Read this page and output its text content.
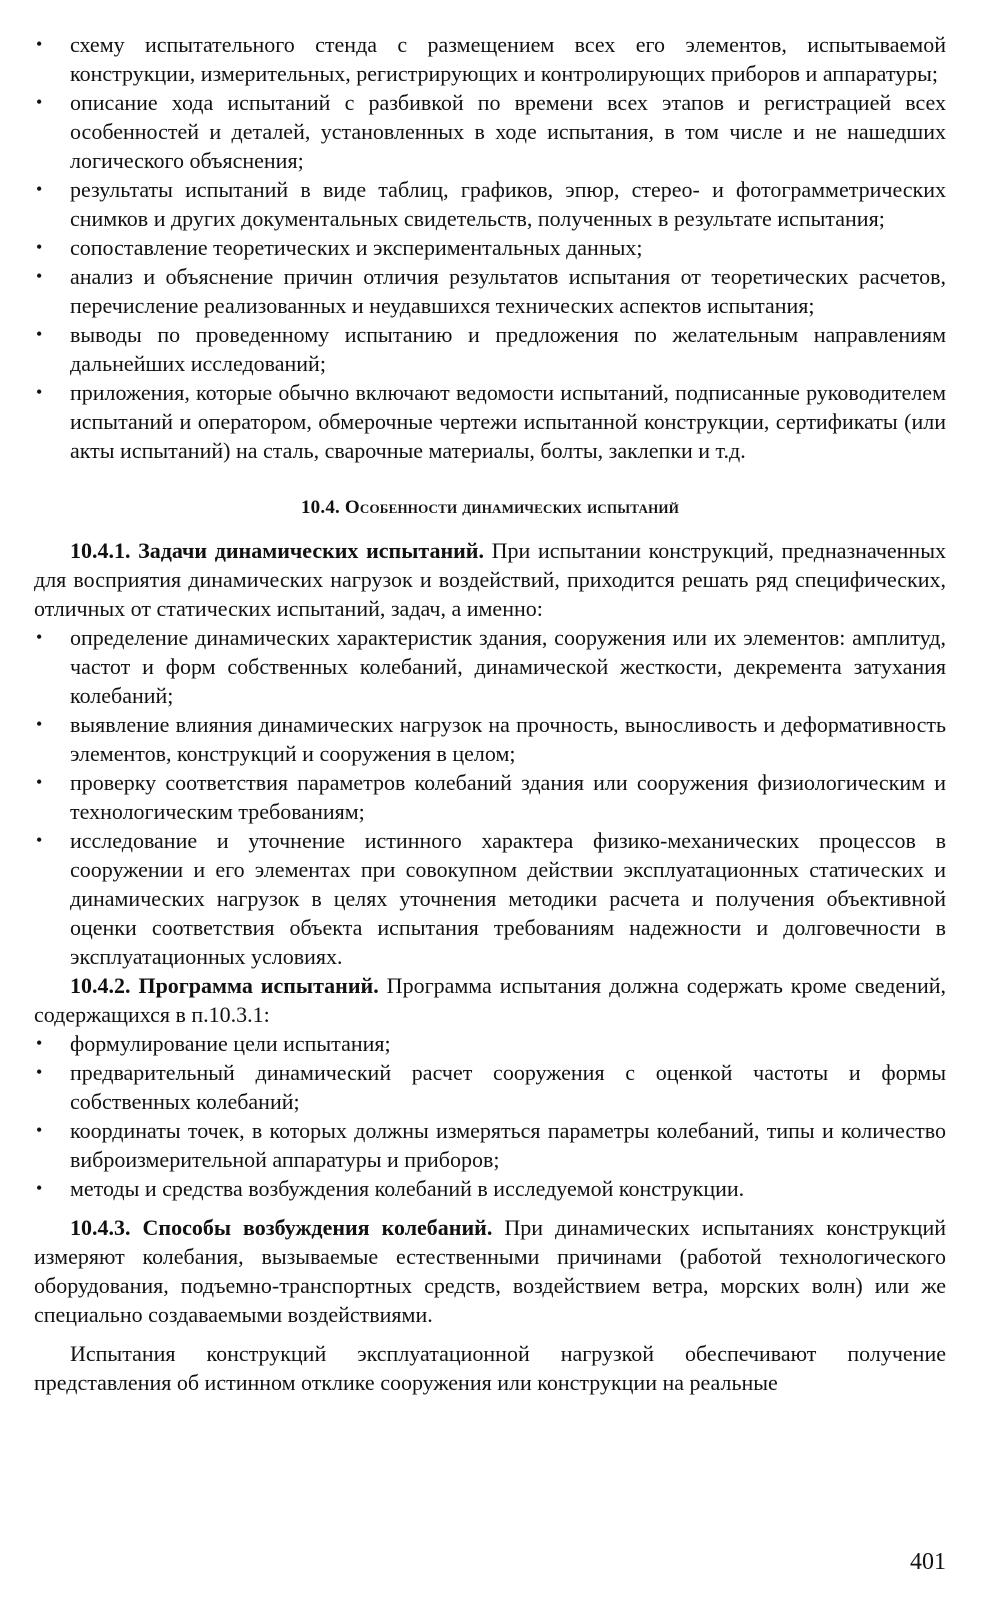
• схему испытательного стенда с размещением всех его элементов, испытываемой конструкции, измерительных, регистрирующих и контролирующих приборов и аппаратуры;
• описание хода испытаний с разбивкой по времени всех этапов и регистрацией всех особенностей и деталей, установленных в ходе испытания, в том числе и не нашедших логического объяснения;
• результаты испытаний в виде таблиц, графиков, эпюр, стерео- и фотограмметрических снимков и других документальных свидетельств, полученных в результате испытания;
• сопоставление теоретических и экспериментальных данных;
• анализ и объяснение причин отличия результатов испытания от теоретических расчетов, перечисление реализованных и неудавшихся технических аспектов испытания;
• выводы по проведенному испытанию и предложения по желательным направлениям дальнейших исследований;
• приложения, которые обычно включают ведомости испытаний, подписанные руководителем испытаний и оператором, обмерочные чертежи испытанной конструкции, сертификаты (или акты испытаний) на сталь, сварочные материалы, болты, заклепки и т.д.
10.4. Особенности динамических испытаний

10.4.1. Задачи динамических испытаний. При испытании конструкций, предназначенных для восприятия динамических нагрузок и воздействий, приходится решать ряд специфических, отличных от статических испытаний, задач, а именно:

• определение динамических характеристик здания, сооружения или их элементов: амплитуд, частот и форм собственных колебаний, динамической жесткости, декремента затухания колебаний;
• выявление влияния динамических нагрузок на прочность, выносливость и деформативность элементов, конструкций и сооружения в целом;
• проверку соответствия параметров колебаний здания или сооружения физиологическим и технологическим требованиям;
• исследование и уточнение истинного характера физико-механических процессов в сооружении и его элементах при совокупном действии эксплуатационных статических и динамических нагрузок в целях уточнения методики расчета и получения объективной оценки соответствия объекта испытания требованиям надежности и долговечности в эксплуатационных условиях.

10.4.2. Программа испытаний. Программа испытания должна содержать кроме сведений, содержащихся в п.10.3.1:

• формулирование цели испытания;
• предварительный динамический расчет сооружения с оценкой частоты и формы собственных колебаний;
• координаты точек, в которых должны измеряться параметры колебаний, типы и количество виброизмерительной аппаратуры и приборов;
• методы и средства возбуждения колебаний в исследуемой конструкции.

10.4.3. Способы возбуждения колебаний. При динамических испытаниях конструкций измеряют колебания, вызываемые естественными причинами (работой технологического оборудования, подъемно-транспортных средств, воздействием ветра, морских волн) или же специально создаваемыми воздействиями.

Испытания конструкций эксплуатационной нагрузкой обеспечивают получение представления об истинном отклике сооружения или конструкции на реальные

401
